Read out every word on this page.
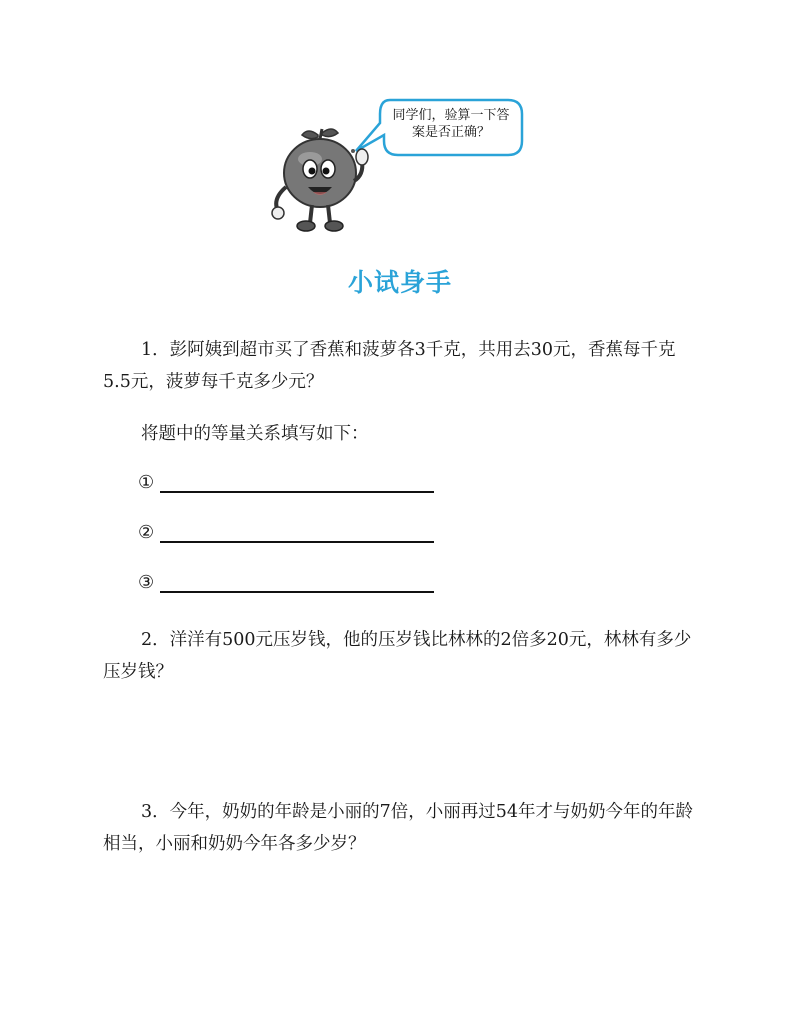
同学们，验算一下答
案是否正确？
小试身手
1．彭阿姨到超市买了香蕉和菠萝各3千克，共用去30元，香蕉每千克5.5元，菠萝每千克多少元？
将题中的等量关系填写如下：
①
②
③
2．洋洋有500元压岁钱，他的压岁钱比林林的2倍多20元，林林有多少压岁钱？
3．今年，奶奶的年龄是小丽的7倍，小丽再过54年才与奶奶今年的年龄相当，小丽和奶奶今年各多少岁？
